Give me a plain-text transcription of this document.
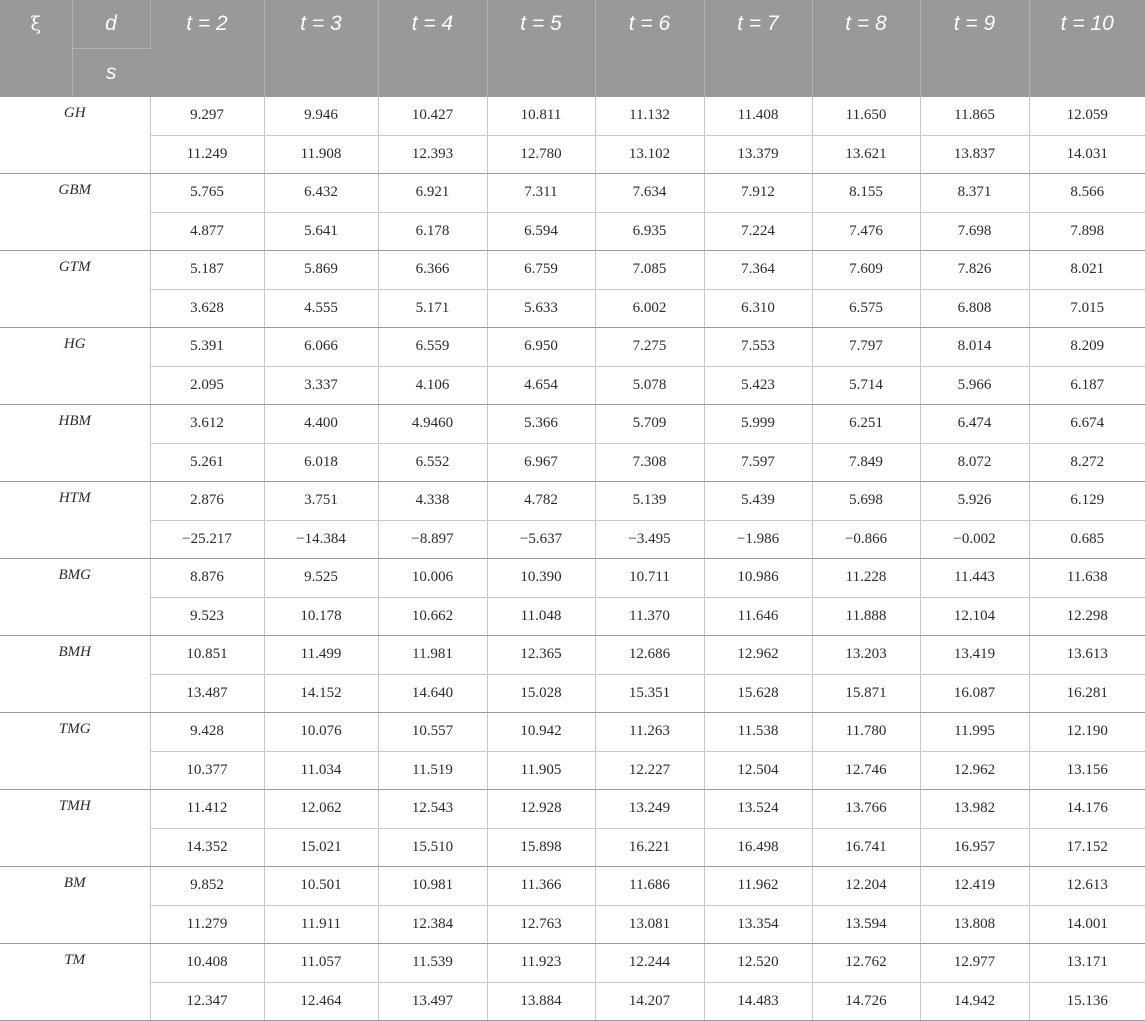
ξ	d	t = 2	t = 3	t = 4	t = 5	t = 6	t = 7	t = 8	t = 9	t = 10
	s									
GH		9.297	9.946	10.427	10.811	11.132	11.408	11.650	11.865	12.059
		11.249	11.908	12.393	12.780	13.102	13.379	13.621	13.837	14.031
GBM		5.765	6.432	6.921	7.311	7.634	7.912	8.155	8.371	8.566
		4.877	5.641	6.178	6.594	6.935	7.224	7.476	7.698	7.898
GTM		5.187	5.869	6.366	6.759	7.085	7.364	7.609	7.826	8.021
		3.628	4.555	5.171	5.633	6.002	6.310	6.575	6.808	7.015
HG		5.391	6.066	6.559	6.950	7.275	7.553	7.797	8.014	8.209
		2.095	3.337	4.106	4.654	5.078	5.423	5.714	5.966	6.187
HBM		3.612	4.400	4.9460	5.366	5.709	5.999	6.251	6.474	6.674
		5.261	6.018	6.552	6.967	7.308	7.597	7.849	8.072	8.272
HTM		2.876	3.751	4.338	4.782	5.139	5.439	5.698	5.926	6.129
		−25.217	−14.384	−8.897	−5.637	−3.495	−1.986	−0.866	−0.002	0.685
BMG		8.876	9.525	10.006	10.390	10.711	10.986	11.228	11.443	11.638
		9.523	10.178	10.662	11.048	11.370	11.646	11.888	12.104	12.298
BMH		10.851	11.499	11.981	12.365	12.686	12.962	13.203	13.419	13.613
		13.487	14.152	14.640	15.028	15.351	15.628	15.871	16.087	16.281
TMG		9.428	10.076	10.557	10.942	11.263	11.538	11.780	11.995	12.190
		10.377	11.034	11.519	11.905	12.227	12.504	12.746	12.962	13.156
TMH		11.412	12.062	12.543	12.928	13.249	13.524	13.766	13.982	14.176
		14.352	15.021	15.510	15.898	16.221	16.498	16.741	16.957	17.152
BM		9.852	10.501	10.981	11.366	11.686	11.962	12.204	12.419	12.613
		11.279	11.911	12.384	12.763	13.081	13.354	13.594	13.808	14.001
TM		10.408	11.057	11.539	11.923	12.244	12.520	12.762	12.977	13.171
		12.347	12.464	13.497	13.884	14.207	14.483	14.726	14.942	15.136
